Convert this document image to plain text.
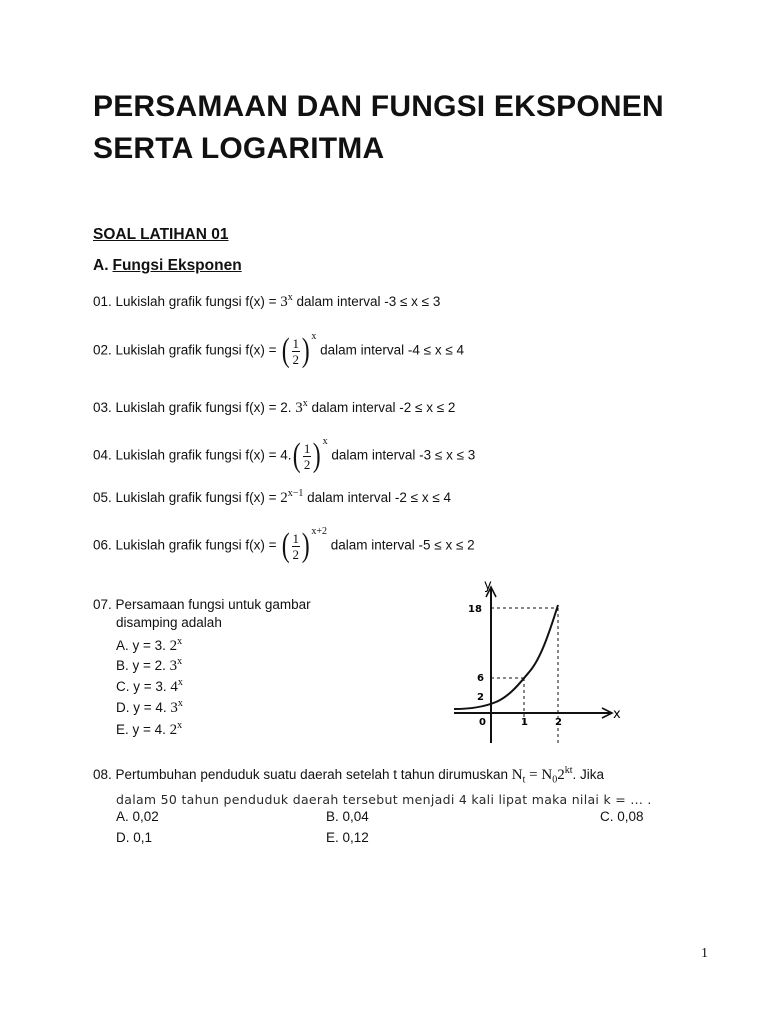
PERSAMAAN DAN FUNGSI EKSPONEN
SERTA LOGARITMA
SOAL LATIHAN 01
A. Fungsi Eksponen
01. Lukislah grafik fungsi $f(x) = 3^x$ dalam interval -3 ≤ x ≤ 3
02. Lukislah grafik fungsi f(x) = ( $\frac{1}{2}$ ) $^x$ dalam interval -4 ≤ x ≤ 4
03. Lukislah grafik fungsi f(x) = 2. 3$^x$ dalam interval -2 ≤ x ≤ 2
04. Lukislah grafik fungsi $f(x) = 4.( \frac{1}{2}$ ) $^x$ dalam interval -3 ≤ x ≤ 3
05. Lukislah grafik fungsi $f(x) = 2^{x-1}$ dalam interval -2 ≤ x ≤ 4
06. Lukislah grafik fungsi f(x) = ( $\frac{1}{2}$ ) $^{x+2}$ dalam interval -5 ≤ x ≤ 2
07. Persamaan fungsi untuk gambar
disamping adalah
A. y = 3. 2$^x$
B. y = 2. 3$^x$
C. y = 3. 4$^x$
D. y = 4. 3$^x$
E. y = 4. 2$^x$
y
x
18
6
2
0	1	2
08. Pertumbuhan penduduk suatu daerah setelah t tahun dirumuskan $N_t = N_02^{kt}$. Jika
dalam 50 tahun penduduk daerah tersebut menjadi 4 kali lipat maka nilai k = ... .
A. 0,02	B. 0,04	C. 0,08
D. 0,1	E. 0,12
1
